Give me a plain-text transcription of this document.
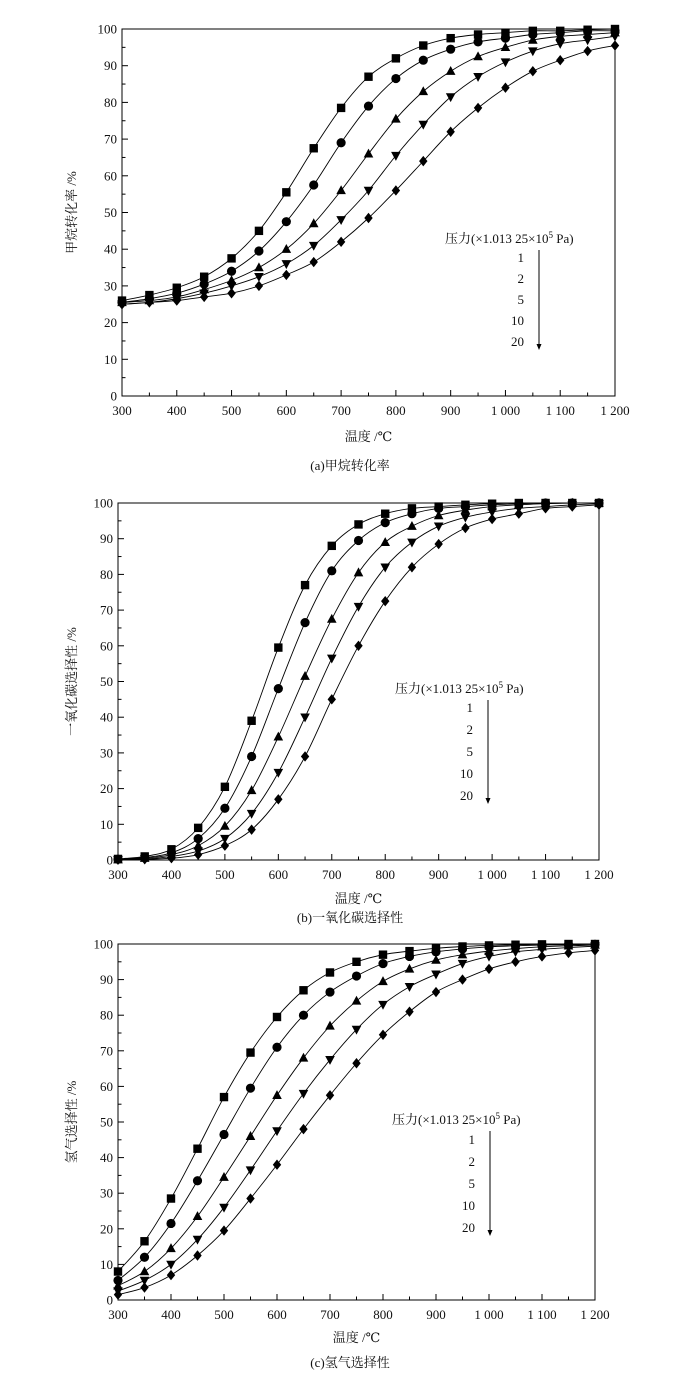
300	400	500	600	700	800	900 1 000 1 100 1 200
0
10
20
30
40
50
60
70
80
90
100
温度 /℃
甲烷转化率 /%
(a)甲烷转化率
压力(×1.013 $25\times 10^5$ Pa)
1
2
5
10
20
300	400	500	600	700	800	900 1 000 1 100 1 200
0
10
20
30
40
50
60
70
80
90
100
温度 /℃
一氧化碳选择性 /%
(b)一氧化碳选择性
压力(×1.013 $25\times 10^5$ Pa)
1
2
5
10
20
300	400	500	600	700	800	900 1 000 1 100 1 200
0
10
20
30
40
50
60
70
80
90
100
温度 /℃
氢气选择性 /%
(c)氢气选择性
压力(×1.013 $25\times 10^5$ Pa)
1
2
5
10
20
